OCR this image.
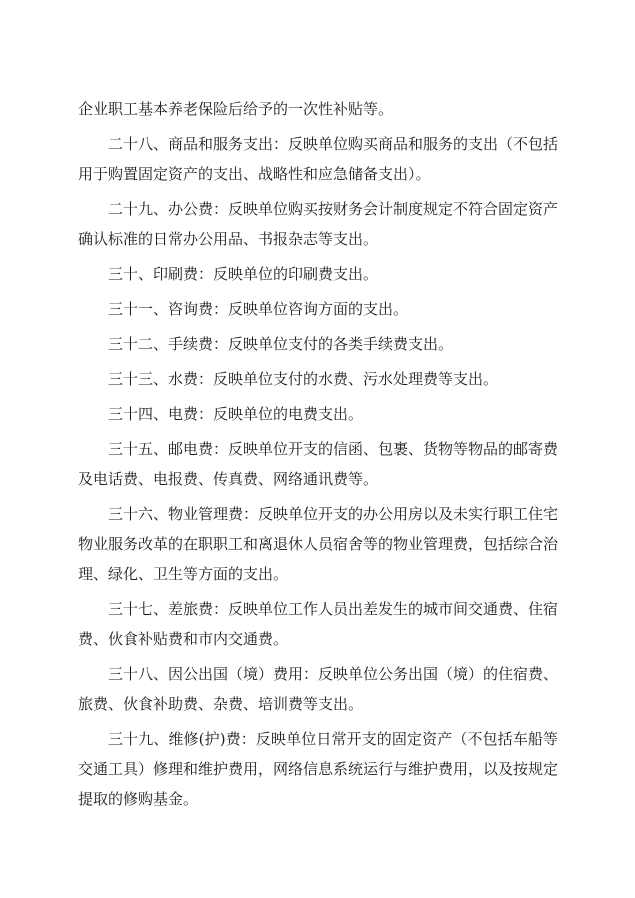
企业职工基本养老保险后给予的一次性补贴等。

二十八、商品和服务支出：反映单位购买商品和服务的支出（不包括用于购置固定资产的支出、战略性和应急储备支出）。

二十九、办公费：反映单位购买按财务会计制度规定不符合固定资产确认标准的日常办公用品、书报杂志等支出。

三十、印刷费：反映单位的印刷费支出。

三十一、咨询费：反映单位咨询方面的支出。

三十二、手续费：反映单位支付的各类手续费支出。

三十三、水费：反映单位支付的水费、污水处理费等支出。

三十四、电费：反映单位的电费支出。

三十五、邮电费：反映单位开支的信函、包裹、货物等物品的邮寄费及电话费、电报费、传真费、网络通讯费等。

三十六、物业管理费：反映单位开支的办公用房以及未实行职工住宅物业服务改革的在职职工和离退休人员宿舍等的物业管理费，包括综合治理、绿化、卫生等方面的支出。

三十七、差旅费：反映单位工作人员出差发生的城市间交通费、住宿费、伙食补贴费和市内交通费。

三十八、因公出国（境）费用：反映单位公务出国（境）的住宿费、旅费、伙食补助费、杂费、培训费等支出。

三十九、维修(护)费：反映单位日常开支的固定资产（不包括车船等交通工具）修理和维护费用，网络信息系统运行与维护费用，以及按规定提取的修购基金。
